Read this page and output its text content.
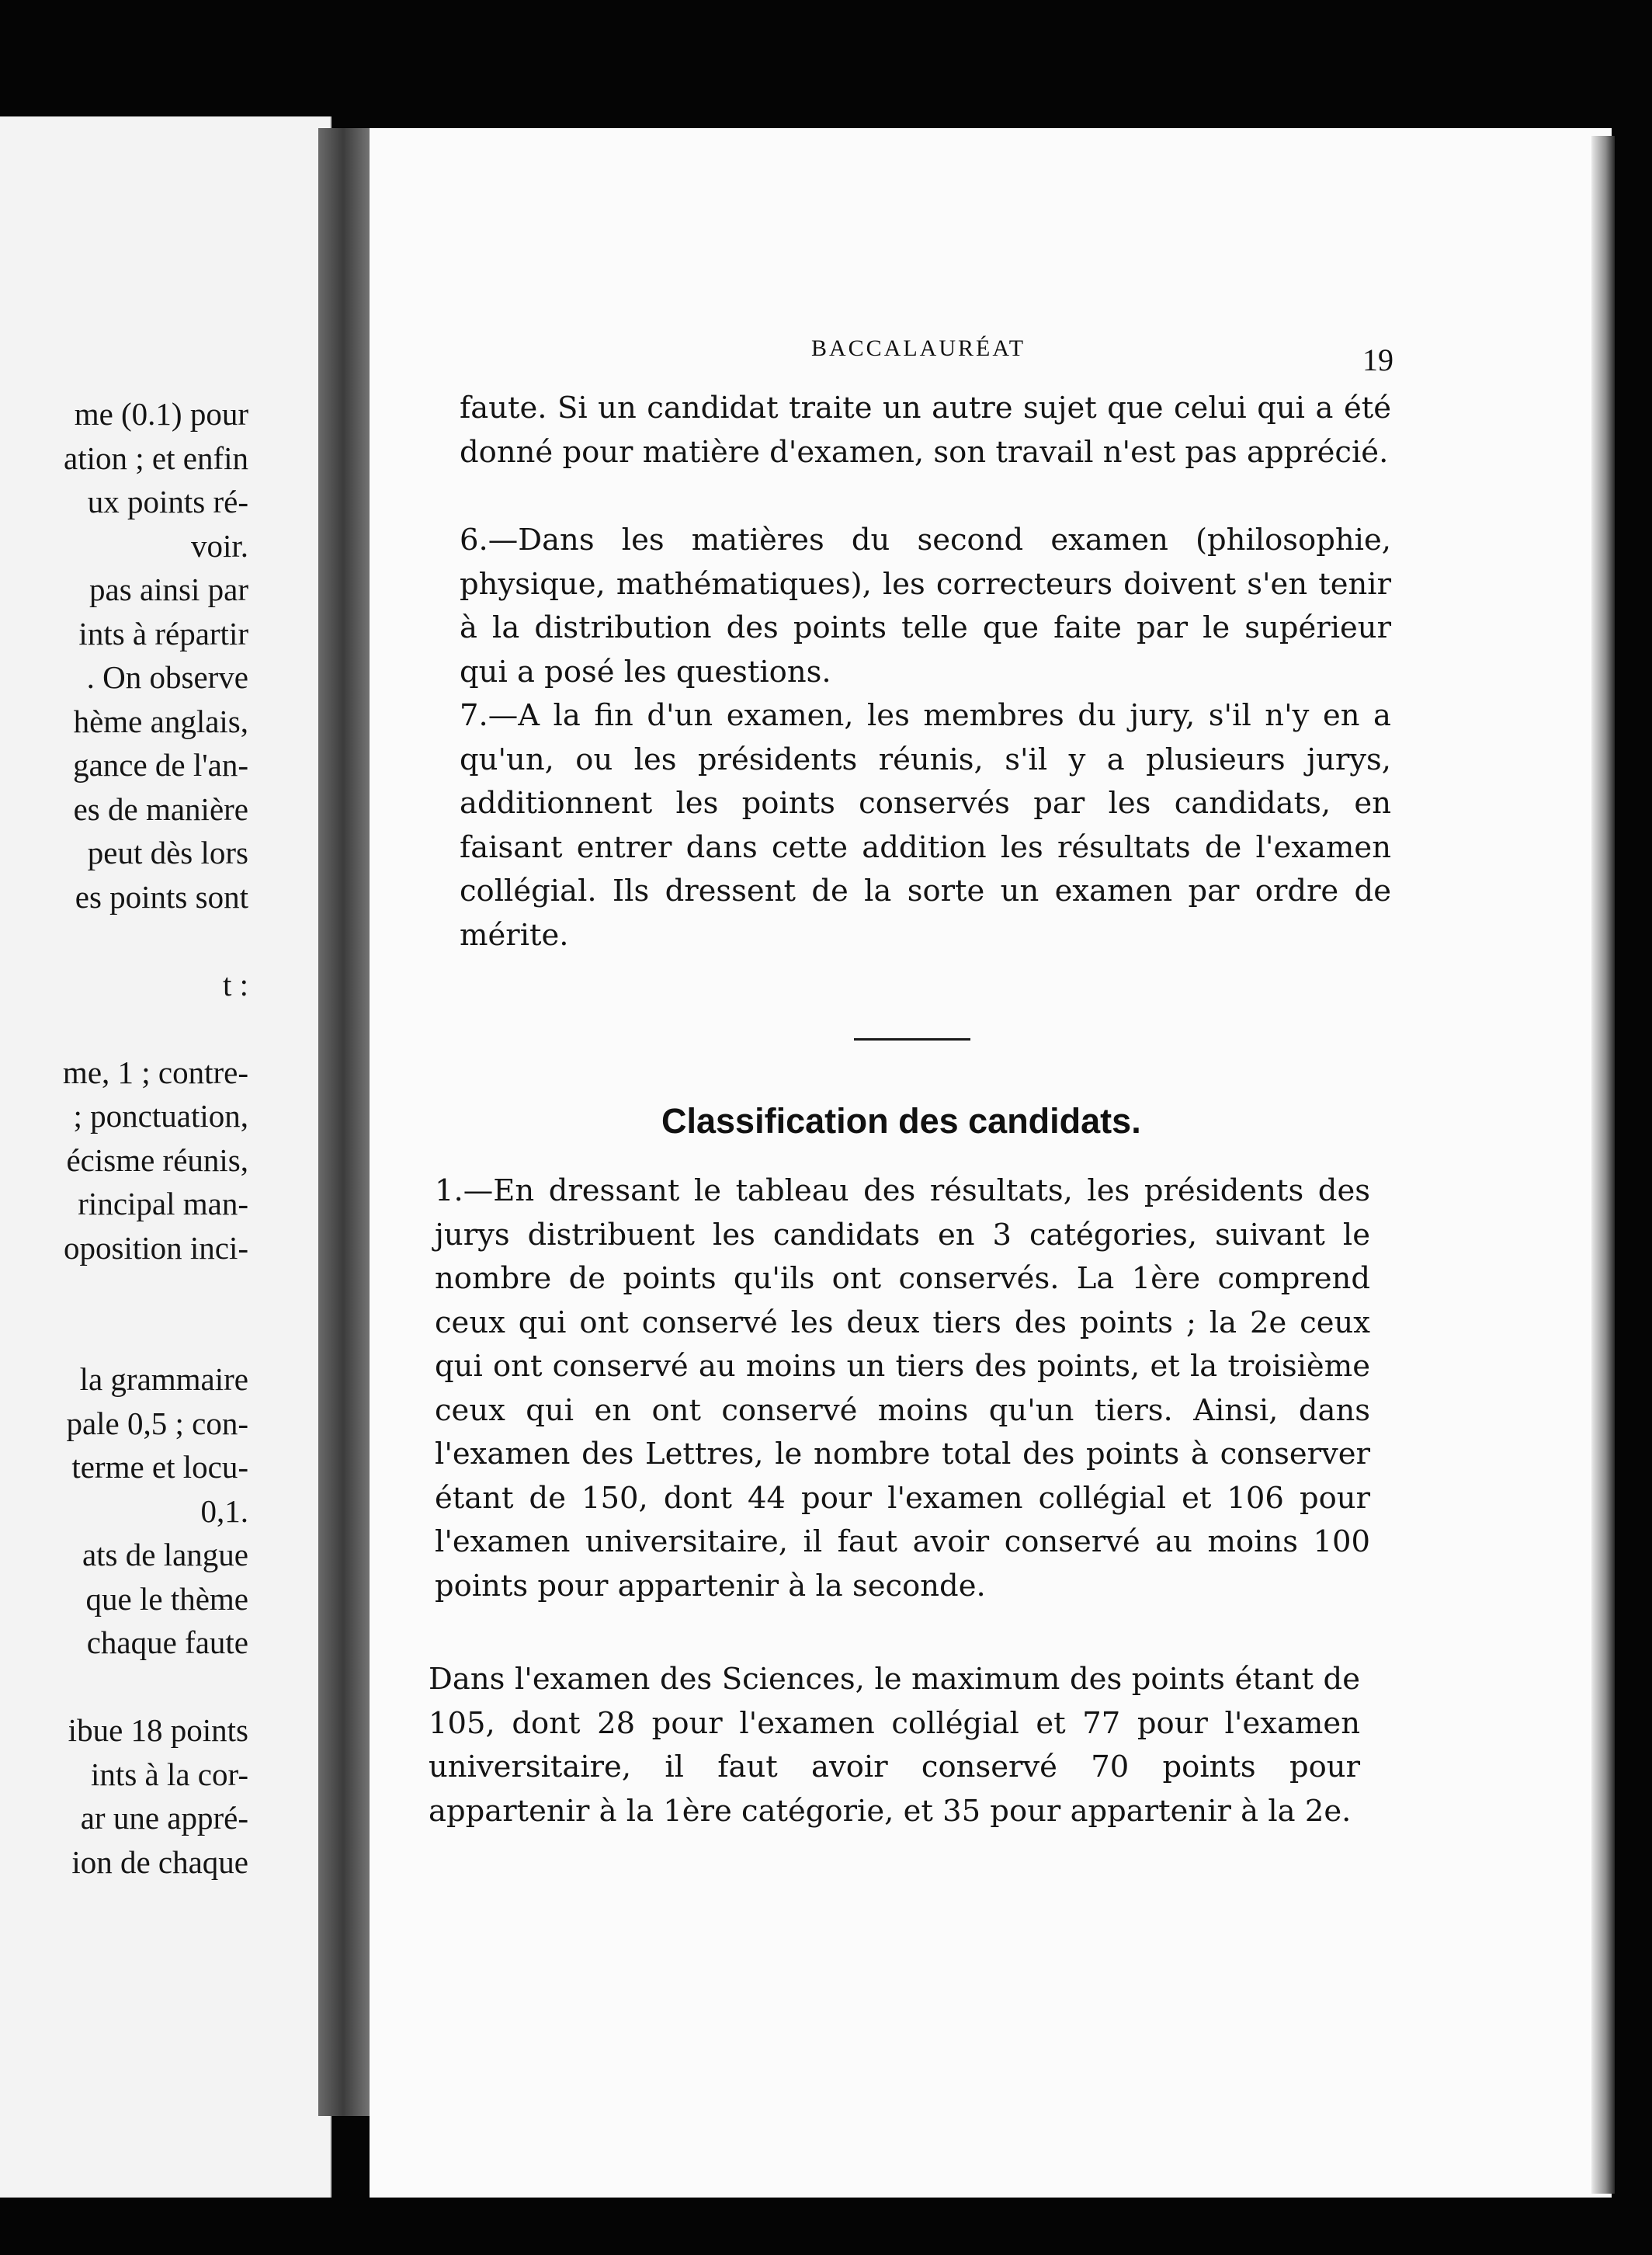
me (0.1) pour
ation ; et enfin
ux points ré-
voir.
pas ainsi par
ints à répartir
. On observe
hème anglais,
gance de l'an-
es de manière
peut dès lors
es points sont
t :
me, 1 ; contre-
; ponctuation,
écisme réunis,
rincipal man-
oposition inci-
la grammaire
pale 0,5 ; con-
terme et locu-
0,1.
ats de langue
que le thème
chaque faute
ibue 18 points
ints à la cor-
ar une appré-
ion de chaque
BACCALAURÉAT	19
faute. Si un candidat traite un autre sujet que celui qui a été donné pour matière d'examen, son travail n'est pas apprécié.
6.—Dans les matières du second examen (philosophie, physique, mathématiques), les correcteurs doivent s'en tenir à la distribution des points telle que faite par le supérieur qui a posé les questions.
7.—A la fin d'un examen, les membres du jury, s'il n'y en a qu'un, ou les présidents réunis, s'il y a plusieurs jurys, additionnent les points conservés par les candidats, en faisant entrer dans cette addition les résultats de l'examen collégial. Ils dressent de la sorte un examen par ordre de mérite.
Classification des candidats.
1.—En dressant le tableau des résultats, les présidents des jurys distribuent les candidats en 3 catégories, suivant le nombre de points qu'ils ont conservés. La 1ère comprend ceux qui ont conservé les deux tiers des points ; la 2e ceux qui ont conservé au moins un tiers des points, et la troisième ceux qui en ont conservé moins qu'un tiers. Ainsi, dans l'examen des Lettres, le nombre total des points à conserver étant de 150, dont 44 pour l'examen collégial et 106 pour l'examen universitaire, il faut avoir conservé au moins 100 points pour appartenir à la seconde.
Dans l'examen des Sciences, le maximum des points étant de 105, dont 28 pour l'examen collégial et 77 pour l'examen universitaire, il faut avoir conservé 70 points pour appartenir à la 1ère catégorie, et 35 pour appartenir à la 2e.
